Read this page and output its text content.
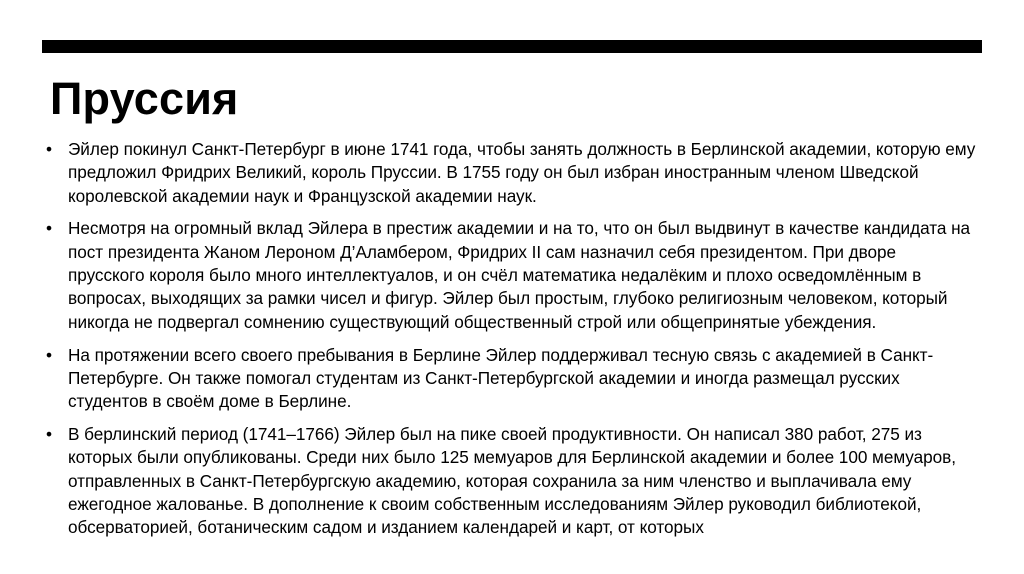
Пруссия
• Эйлер покинул Санкт-Петербург в июне 1741 года, чтобы занять должность в Берлинской академии, которую ему предложил Фридрих Великий, король Пруссии. В 1755 году он был избран иностранным членом Шведской королевской академии наук и Французской академии наук.
• Несмотря на огромный вклад Эйлера в престиж академии и на то, что он был выдвинут в качестве кандидата на пост президента Жаном Лероном Д’Аламбером, Фридрих II сам назначил себя президентом. При дворе прусского короля было много интеллектуалов, и он счёл математика недалёким и плохо осведомлённым в вопросах, выходящих за рамки чисел и фигур. Эйлер был простым, глубоко религиозным человеком, который никогда не подвергал сомнению существующий общественный строй или общепринятые убеждения.
• На протяжении всего своего пребывания в Берлине Эйлер поддерживал тесную связь с академией в Санкт-Петербурге. Он также помогал студентам из Санкт-Петербургской академии и иногда размещал русских студентов в своём доме в Берлине.
• В берлинский период (1741–1766) Эйлер был на пике своей продуктивности. Он написал 380 работ, 275 из которых были опубликованы. Среди них было 125 мемуаров для Берлинской академии и более 100 мемуаров, отправленных в Санкт-Петербургскую академию, которая сохранила за ним членство и выплачивала ему ежегодное жалованье. В дополнение к своим собственным исследованиям Эйлер руководил библиотекой, обсерваторией, ботаническим садом и изданием календарей и карт, от которых
